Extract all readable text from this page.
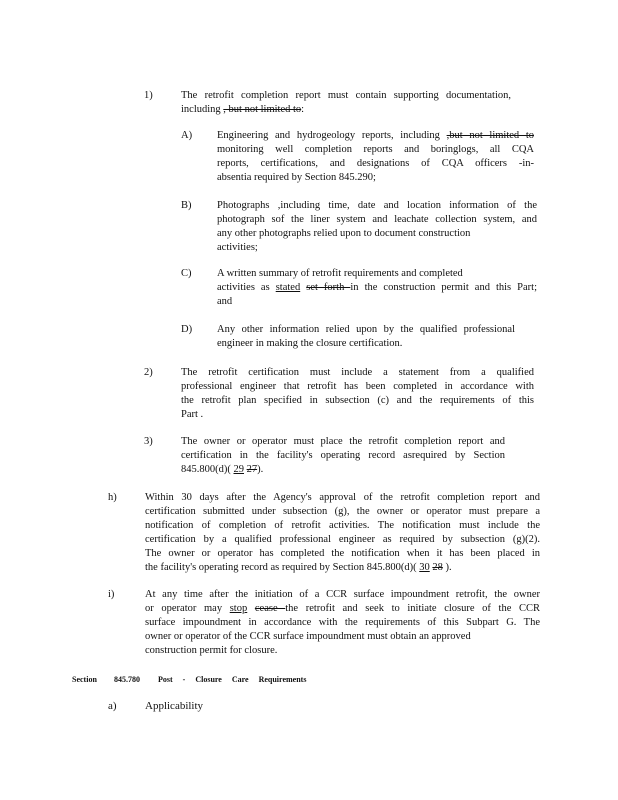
1)	The retrofit completion report must contain supporting documentation,
including , but not limited to:
A) Engineering and hydrogeology reports, including ,but not limited to
monitoring well completion reports and boringlogs, all CQA
reports, certifications, and designations of CQA officers -in-
absentia required by Section 845.290;
B) Photographs ,including time, date and location information of the
photograph sof the liner system and leachate collection system, and
any other photographs relied upon to document construction
activities;
C) A written summary of retrofit requirements and completed
activities as stated set forth in the construction permit and this Part;
and
D) Any other information relied upon by the qualified professional
engineer in making the closure certification.
2)	The retrofit certification must include a statement from a qualified
professional engineer that retrofit has been completed in accordance with
the retrofit plan specified in subsection (c) and the requirements of this
Part .
3)	The owner or operator must place the retrofit completion report and
certification in the facility's operating record asrequired by Section
845.800(d)( 29 27).
h)	Within 30 days after the Agency's approval of the retrofit completion report and
certification submitted under subsection (g), the owner or operator must prepare a
notification of completion of retrofit activities. The notification must include the
certification by a qualified professional engineer as required by subsection (g)(2).
The owner or operator has completed the notification when it has been placed in
the facility's operating record as required by Section 845.800(d)( 30 28 ).
i)	At any time after the initiation of a CCR surface impoundment retrofit, the owner
or operator may stop cease the retrofit and seek to initiate closure of the CCR
surface impoundment in accordance with the requirements of this Subpart G. The
owner or operator of the CCR surface impoundment must obtain an approved
construction permit for closure.
Section 845.780 Post - Closure Care Requirements
a)	Applicability
